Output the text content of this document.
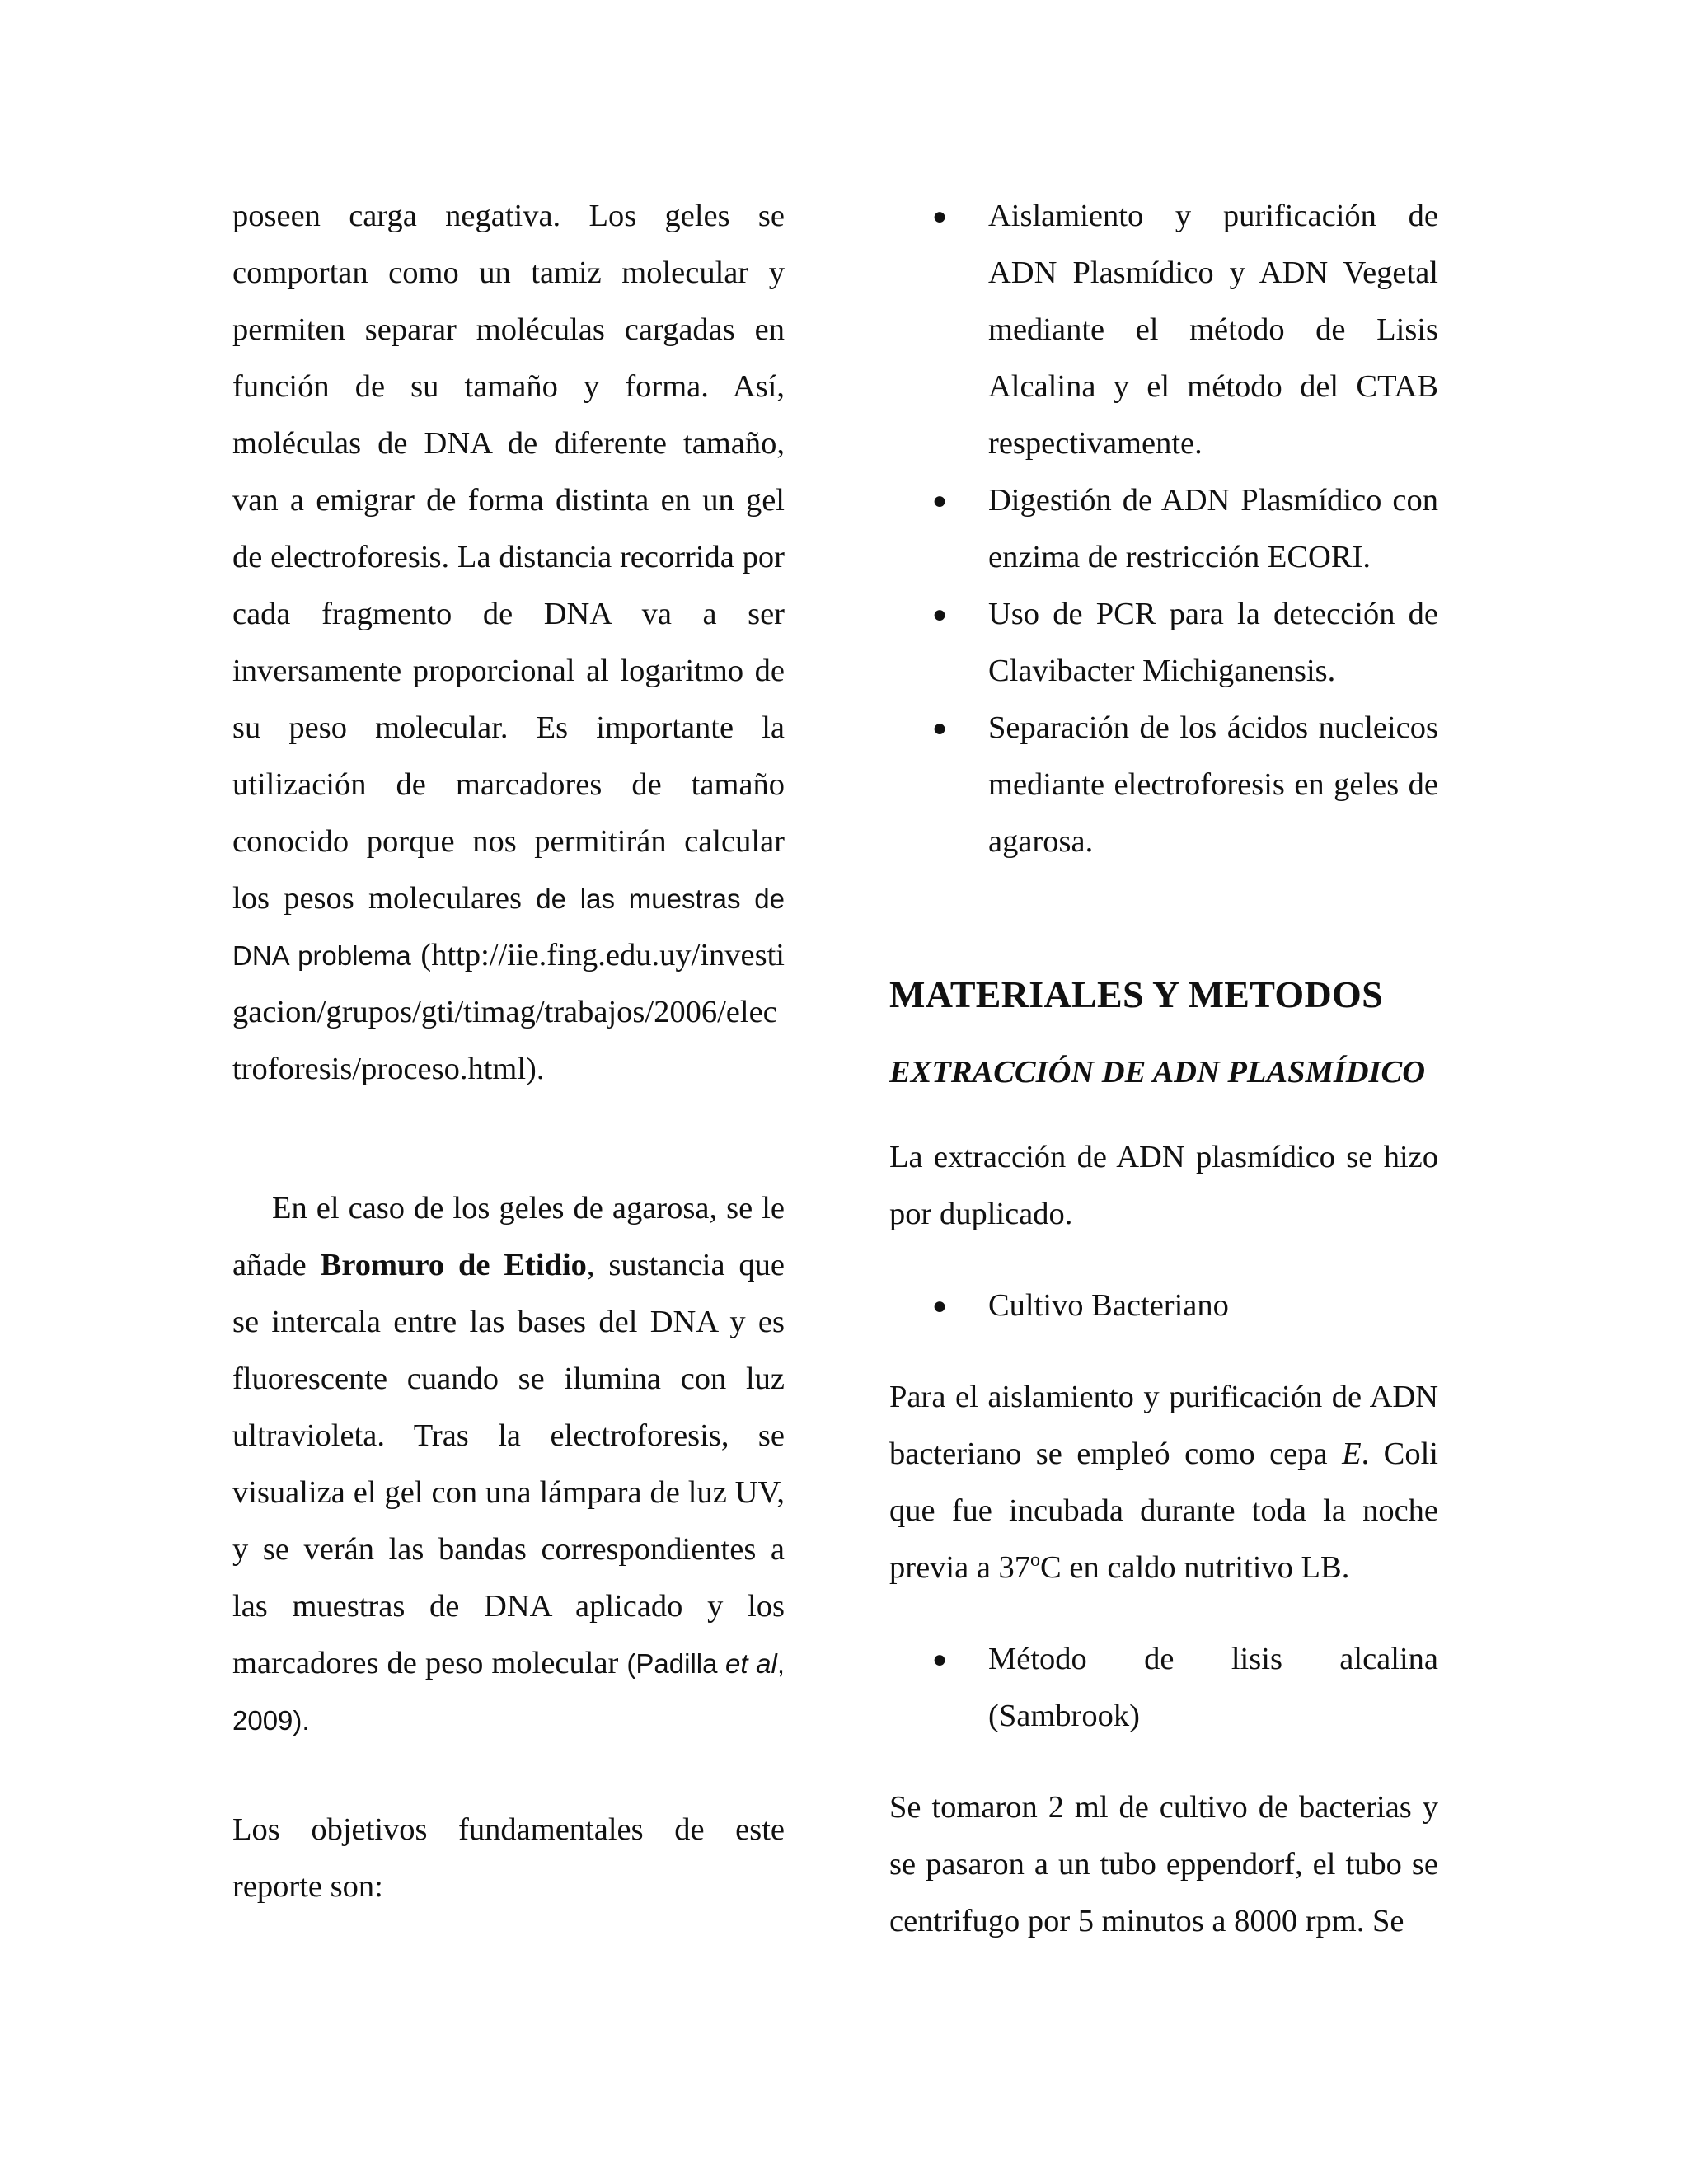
poseen carga negativa. Los geles se comportan como un tamiz molecular y permiten separar moléculas cargadas en función de su tamaño y forma. Así, moléculas de DNA de diferente tamaño, van a emigrar de forma distinta en un gel de electroforesis. La distancia recorrida por cada fragmento de DNA va a ser inversamente proporcional al logaritmo de su peso molecular. Es importante la utilización de marcadores de tamaño conocido porque nos permitirán calcular los pesos moleculares de las muestras de DNA problema (http://iie.fing.edu.uy/investigacion/grupos/gti/timag/trabajos/2006/electroforesis/proceso.html).

En el caso de los geles de agarosa, se le añade Bromuro de Etidio, sustancia que se intercala entre las bases del DNA y es fluorescente cuando se ilumina con luz ultravioleta. Tras la electroforesis, se visualiza el gel con una lámpara de luz UV, y se verán las bandas correspondientes a las muestras de DNA aplicado y los marcadores de peso molecular (Padilla et al, 2009).

Los objetivos fundamentales de este reporte son:

● Aislamiento y purificación de ADN Plasmídico y ADN Vegetal mediante el método de Lisis Alcalina y el método del CTAB respectivamente.
● Digestión de ADN Plasmídico con enzima de restricción ECORI.
● Uso de PCR para la detección de Clavibacter Michiganensis.
● Separación de los ácidos nucleicos mediante electroforesis en geles de agarosa.
MATERIALES Y METODOS
EXTRACCIÓN DE ADN PLASMÍDICO

La extracción de ADN plasmídico se hizo por duplicado.

● Cultivo Bacteriano

Para el aislamiento y purificación de ADN bacteriano se empleó como cepa E. Coli que fue incubada durante toda la noche previa a 37$^o$C en caldo nutritivo LB.

● Método de lisis alcalina (Sambrook)

Se tomaron 2 ml de cultivo de bacterias y se pasaron a un tubo eppendorf, el tubo se centrifugo por 5 minutos a 8000 rpm. Se
